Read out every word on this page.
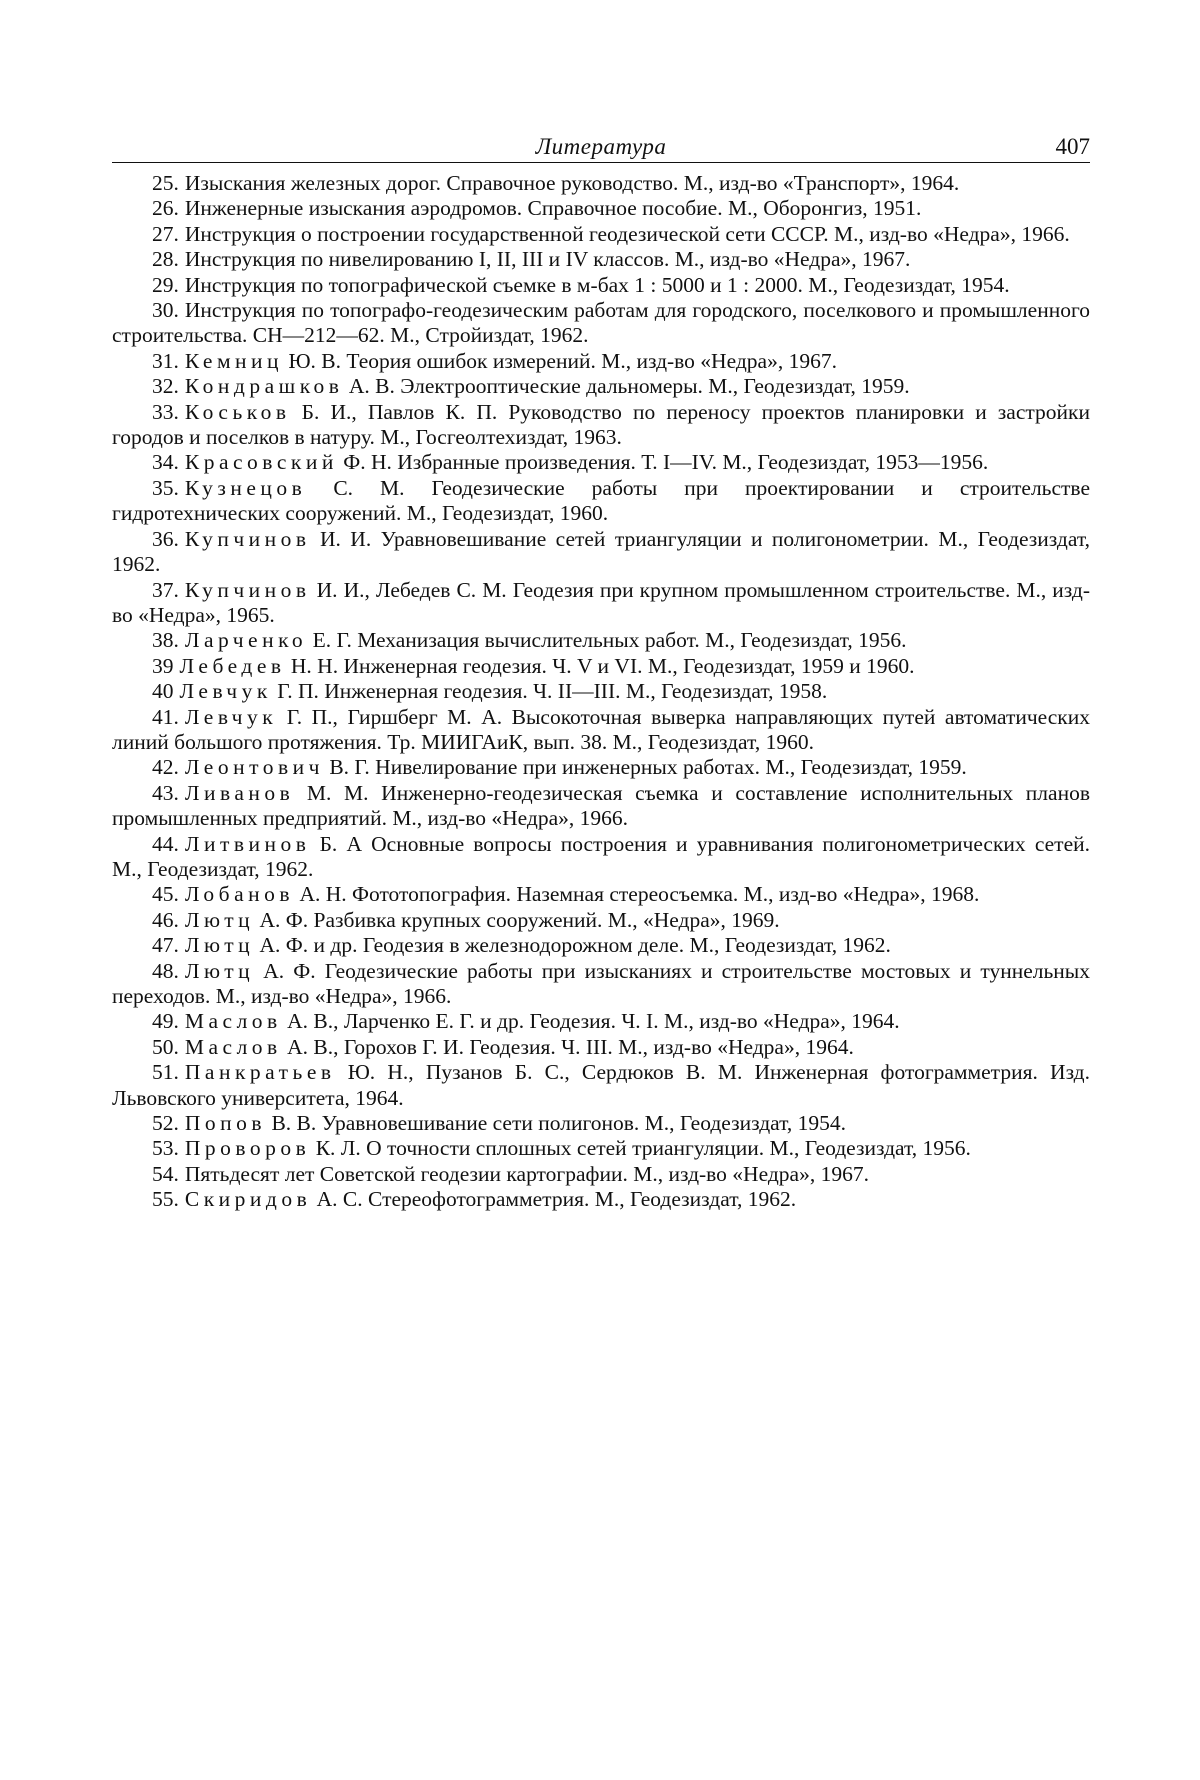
Литература	407
25. Изыскания железных дорог. Справочное руководство. М., изд-во «Транспорт», 1964.
26. Инженерные изыскания аэродромов. Справочное пособие. М., Оборонгиз, 1951.
27. Инструкция о построении государственной геодезической сети СССР. М., изд-во «Недра», 1966.
28. Инструкция по нивелированию I, II, III и IV классов. М., изд-во «Недра», 1967.
29. Инструкция по топографической съемке в м-бах 1 : 5000 и 1 : 2000. М., Геодезиздат, 1954.
30. Инструкция по топографо-геодезическим работам для городского, поселкового и промышленного строительства. СН—212—62. М., Стройиздат, 1962.
31. Кемниц Ю. В. Теория ошибок измерений. М., изд-во «Недра», 1967.
32. Кондрашков А. В. Электрооптические дальномеры. М., Геодезиздат, 1959.
33. Коськов Б. И., Павлов К. П. Руководство по переносу проектов планировки и застройки городов и поселков в натуру. М., Госгеолтехиздат, 1963.
34. Красовский Ф. Н. Избранные произведения. Т. I—IV. М., Геодезиздат, 1953—1956.
35. Кузнецов С. М. Геодезические работы при проектировании и строительстве гидротехнических сооружений. М., Геодезиздат, 1960.
36. Купчинов И. И. Уравновешивание сетей триангуляции и полигонометрии. М., Геодезиздат, 1962.
37. Купчинов И. И., Лебедев С. М. Геодезия при крупном промышленном строительстве. М., изд-во «Недра», 1965.
38. Ларченко Е. Г. Механизация вычислительных работ. М., Геодезиздат, 1956.
39 Лебедев Н. Н. Инженерная геодезия. Ч. V и VI. М., Геодезиздат, 1959 и 1960.
40 Левчук Г. П. Инженерная геодезия. Ч. II—III. М., Геодезиздат, 1958.
41. Левчук Г. П., Гиршберг М. А. Высокоточная выверка направляющих путей автоматических линий большого протяжения. Тр. МИИГАиК, вып. 38. М., Геодезиздат, 1960.
42. Леонтович В. Г. Нивелирование при инженерных работах. М., Геодезиздат, 1959.
43. Ливанов М. М. Инженерно-геодезическая съемка и составление исполнительных планов промышленных предприятий. М., изд-во «Недра», 1966.
44. Литвинов Б. А Основные вопросы построения и уравнивания полигонометрических сетей. М., Геодезиздат, 1962.
45. Лобанов А. Н. Фототопография. Наземная стереосъемка. М., изд-во «Недра», 1968.
46. Лютц А. Ф. Разбивка крупных сооружений. М., «Недра», 1969.
47. Лютц А. Ф. и др. Геодезия в железнодорожном деле. М., Геодезиздат, 1962.
48. Лютц А. Ф. Геодезические работы при изысканиях и строительстве мостовых и туннельных переходов. М., изд-во «Недра», 1966.
49. Маслов А. В., Ларченко Е. Г. и др. Геодезия. Ч. I. М., изд-во «Недра», 1964.
50. Маслов А. В., Горохов Г. И. Геодезия. Ч. III. М., изд-во «Недра», 1964.
51. Панкратьев Ю. Н., Пузанов Б. С., Сердюков В. М. Инженерная фотограмметрия. Изд. Львовского университета, 1964.
52. Попов В. В. Уравновешивание сети полигонов. М., Геодезиздат, 1954.
53. Проворов К. Л. О точности сплошных сетей триангуляции. М., Геодезиздат, 1956.
54. Пятьдесят лет Советской геодезии картографии. М., изд-во «Недра», 1967.
55. Скиридов А. С. Стереофотограмметрия. М., Геодезиздат, 1962.
